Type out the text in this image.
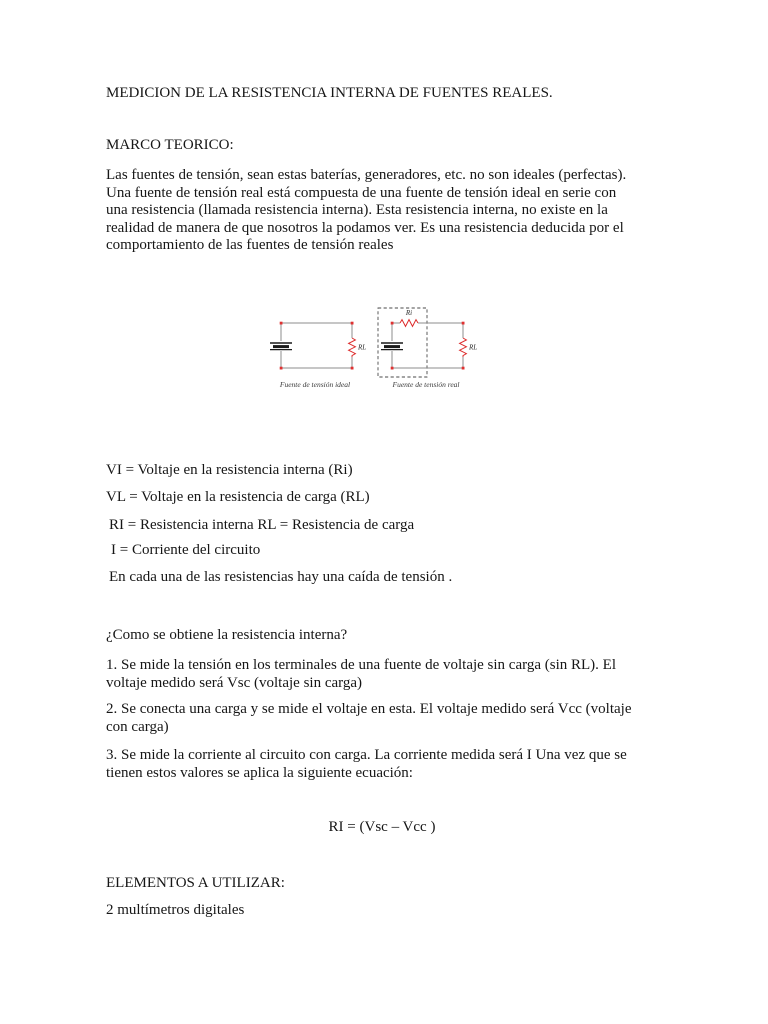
MEDICION DE LA RESISTENCIA INTERNA DE FUENTES REALES.
MARCO TEORICO:
Las fuentes de tensión, sean estas baterías, generadores, etc. no son ideales (perfectas).
Una fuente de tensión real está compuesta de una fuente de tensión ideal en serie con
una resistencia (llamada resistencia interna). Esta resistencia interna, no existe en la
realidad de manera de que nosotros la podamos ver. Es una resistencia deducida por el
comportamiento de las fuentes de tensión reales
RL
Fuente de tensión ideal
Ri
RL
Fuente de tensión real
VI = Voltaje en la resistencia interna (Ri)
VL = Voltaje en la resistencia de carga (RL)
RI = Resistencia interna RL = Resistencia de carga
I = Corriente del circuito
En cada una de las resistencias hay una caída de tensión .
¿Como se obtiene la resistencia interna?
1. Se mide la tensión en los terminales de una fuente de voltaje sin carga (sin RL). El
voltaje medido será Vsc (voltaje sin carga)
2. Se conecta una carga y se mide el voltaje en esta. El voltaje medido será Vcc (voltaje
con carga)
3. Se mide la corriente al circuito con carga. La corriente medida será I Una vez que se
tienen estos valores se aplica la siguiente ecuación:
RI = (Vsc – Vcc )
ELEMENTOS A UTILIZAR:
2 multímetros digitales
